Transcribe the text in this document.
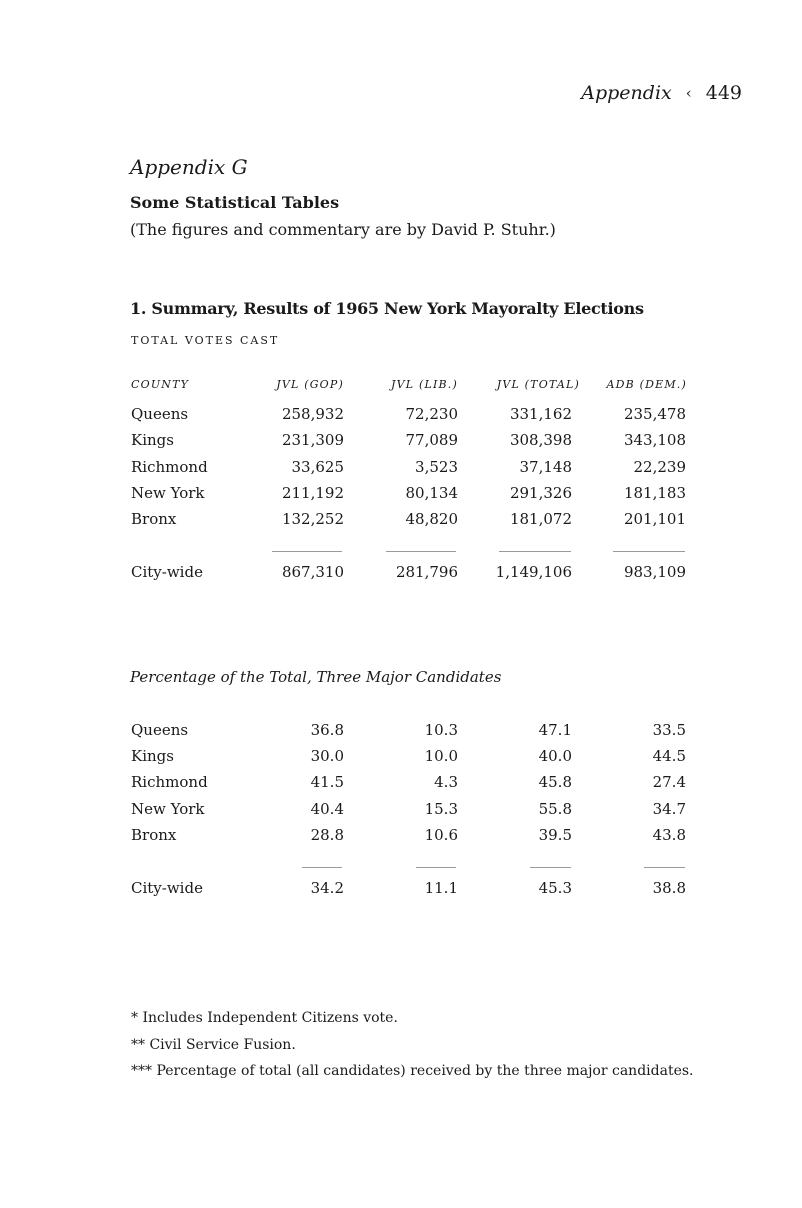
Appendix ‹ 449
Appendix G
Some Statistical Tables
(The figures and commentary are by David P. Stuhr.)
1. Summary, Results of 1965 New York Mayoralty Elections
TOTAL VOTES CAST
COUNTY	JVL (GOP)	JVL (LIB.)	JVL (TOTAL)	ADB (DEM.)
Queens	258,932	72,230	331,162	235,478
Kings	231,309	77,089	308,398	343,108
Richmond	33,625	3,523	37,148	22,239
New York	211,192	80,134	291,326	181,183
Bronx	132,252	48,820	181,072	201,101
City-wide	867,310	281,796	1,149,106	983,109
Percentage of the Total, Three Major Candidates
Queens	36.8	10.3	47.1	33.5
Kings	30.0	10.0	40.0	44.5
Richmond	41.5	4.3	45.8	27.4
New York	40.4	15.3	55.8	34.7
Bronx	28.8	10.6	39.5	43.8
City-wide	34.2	11.1	45.3	38.8
* Includes Independent Citizens vote.
** Civil Service Fusion.
*** Percentage of total (all candidates) received by the three major candidates.
